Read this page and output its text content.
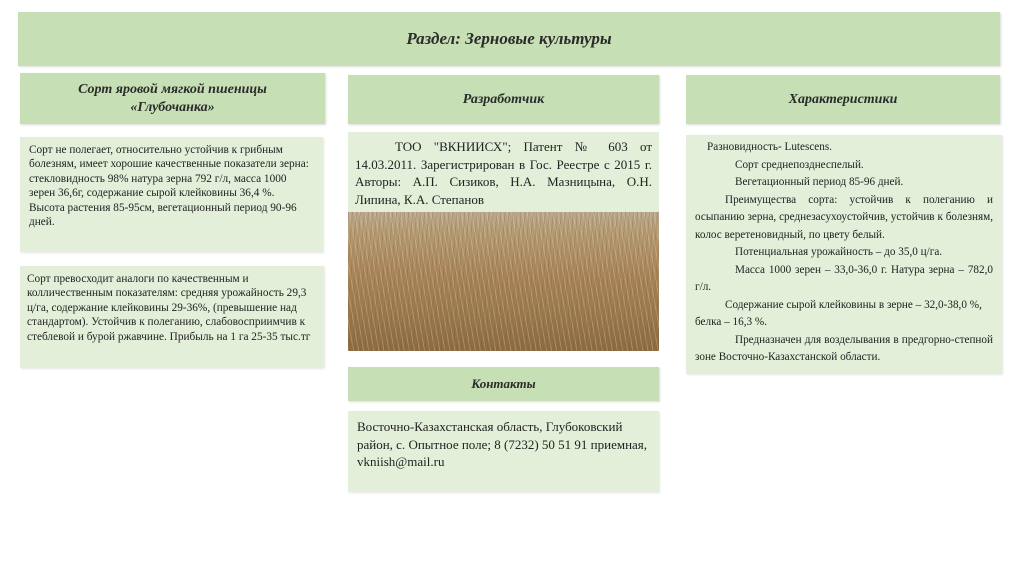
Раздел: Зерновые культуры
Сорт яровой мягкой пшеницы
«Глубочанка»

Сорт не полегает, относительно устойчив к грибным болезням, имеет хорошие качественные показатели зерна: стекловидность 98% натура зерна 792 г/л, масса 1000 зерен 36,6г, содержание сырой клейковины 36,4 %.

Высота растения 85-95см, вегетационный период 90-96 дней.

Сорт превосходит аналоги по качественным и колличественным показателям: средняя урожайность 29,3 ц/га, содержание клейковины 29-36%, (превышение над стандартом). Устойчив к полеганию, слабовосприимчив к стеблевой и бурой ржавчине. Прибыль на 1 га 25-35 тыс.тг

Разработчик
ТОО "ВКНИИСХ"; Патент № 603 от 14.03.2011. Зарегистрирован в Гос. Реестре с 2015 г. Авторы: А.П. Сизиков, Н.А. Мазницына, О.Н. Липина, К.А. Степанов
Контакты
Восточно-Казахстанская область, Глубоковский район, с. Опытное поле; 8 (7232) 50 51 91 приемная, vkniish@mail.ru
Характеристики

Разновидность- Lutescens.

Сорт среднепозднеспелый.

Вегетационный период 85-96 дней.

Преимущества сорта: устойчив к полеганию и осыпанию зерна, среднезасухоустойчив, устойчив к болезням, колос веретеновидный, по цвету белый.

Потенциальная урожайность – до 35,0 ц/га.

Масса 1000 зерен – 33,0-36,0 г. Натура зерна – 782,0 г/л.

Содержание сырой клейковины в зерне – 32,0-38,0 %,

белка – 16,3 %.

Предназначен для возделывания в предгорно-степной зоне Восточно-Казахстанской области.
